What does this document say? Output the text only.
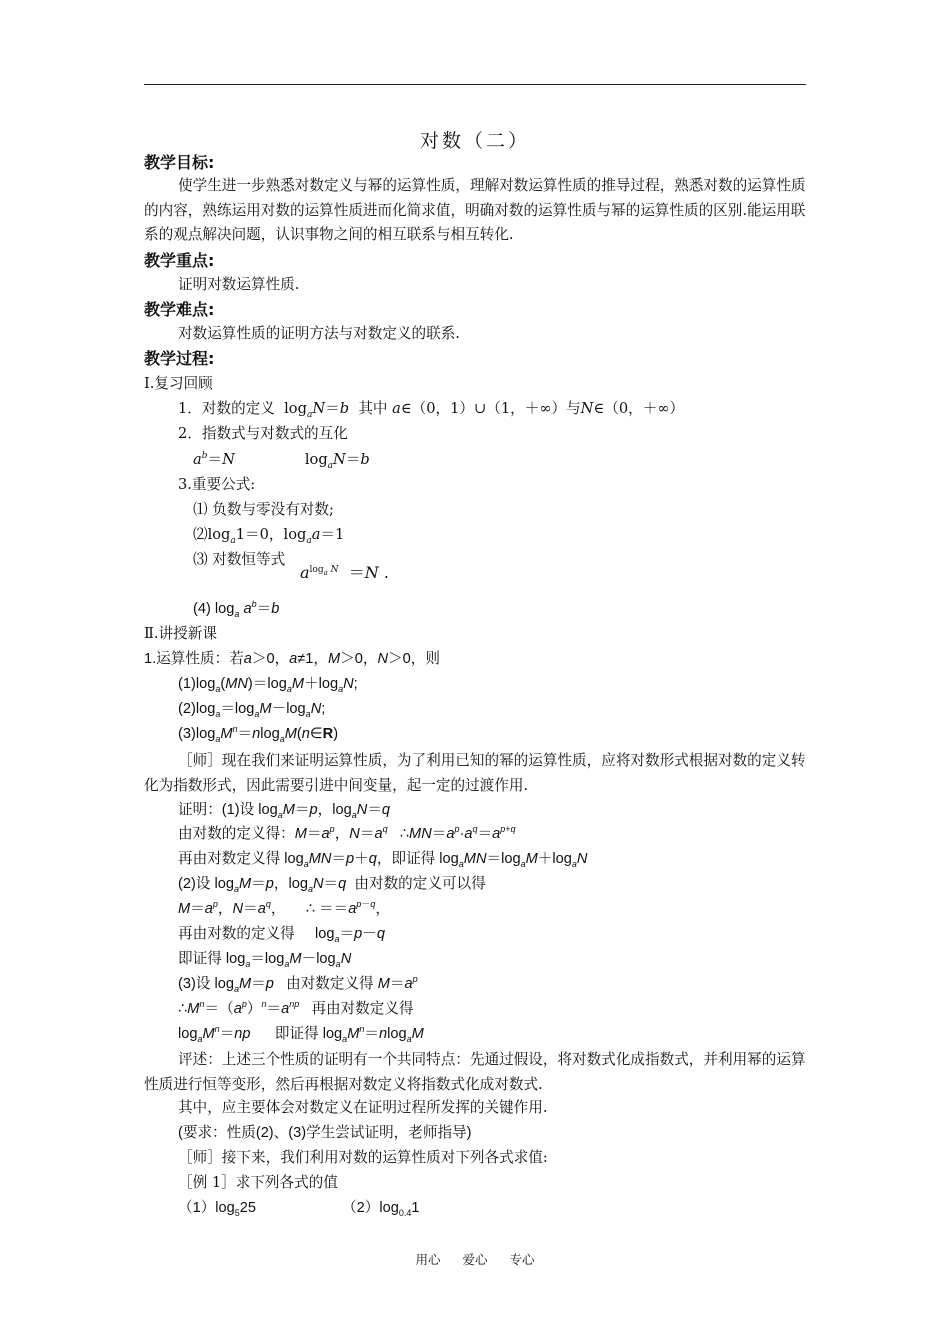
对数（二）
教学目标:
使学生进一步熟悉对数定义与幂的运算性质，理解对数运算性质的推导过程，熟悉对数的运算性质的内容，熟练运用对数的运算性质进而化简求值，明确对数的运算性质与幂的运算性质的区别.能运用联系的观点解决问题，认识事物之间的相互联系与相互转化.
教学重点:
证明对数运算性质.
教学难点:
对数运算性质的证明方法与对数定义的联系.
教学过程:
Ⅰ.复习回顾
1．对数的定义  $\log_aN=b$ 其中 a∈（0，1）∪（1，＋∞）与N∈（0，＋∞）
2．指数式与对数式的互化
$a^b=N$	$\log_aN=b$
3.重要公式:
⑴ 负数与零没有对数;
$⑵\log_a1=0$，$\log_aa=1$
⑶ 对数恒等式
$a^{log_a N} =N$ .
(4) $\log_a a^b=b$
Ⅱ.讲授新课
1.运算性质：若a＞0，a≠1，M＞0，N＞0，则
$(1)\log_a(MN)=\log_aM+\log_aN$;
$(2)\log_a=\log_aM-\log_aN$;
$(3)\log_aM^n=nlog_aM(n\in R)$
［师］现在我们来证明运算性质，为了利用已知的幂的运算性质，应将对数形式根据对数的定义转化为指数形式，因此需要引进中间变量，起一定的过渡作用.
证明：(1)设 $\log_aM=p$，$\log_aN=q$
由对数的定义得：$M=a^p$，$N=a^q$   $\therefore MN=a^p\cdot a^q=a^{p+q}$
再由对数定义得 $\log_aMN=p+q$，即证得 $\log_aMN=\log_aM+\log_aN$
(2)设 $\log_aM=p$，$\log_aN=q$ 由对数的定义可以得
$M=a^p$，$N=a^q$，     ∴ $==a^{p-q}$，
再由对数的定义得     $\log_a=p-q$
即证得 $\log_a=\log_aM-\log_aN$
(3)设 $\log_aM=p$ 由对数定义得 $M=a^p$
$\therefore M^n=(a^p)^n=a^{np}$ 再由对数定义得
$\log_aM^n=np$ 即证得 $\log_aM^n=nlog_aM$
评述：上述三个性质的证明有一个共同特点：先通过假设，将对数式化成指数式，并利用幂的运算性质进行恒等变形，然后再根据对数定义将指数式化成对数式.
其中，应主要体会对数定义在证明过程所发挥的关键作用.
(要求：性质(2)、(3)学生尝试证明，老师指导)
［师］接下来，我们利用对数的运算性质对下列各式求值:
［例 1］求下列各式的值
$(1)\log_525$	$(2)\log_{0.4}1$
用心 爱心 专心
